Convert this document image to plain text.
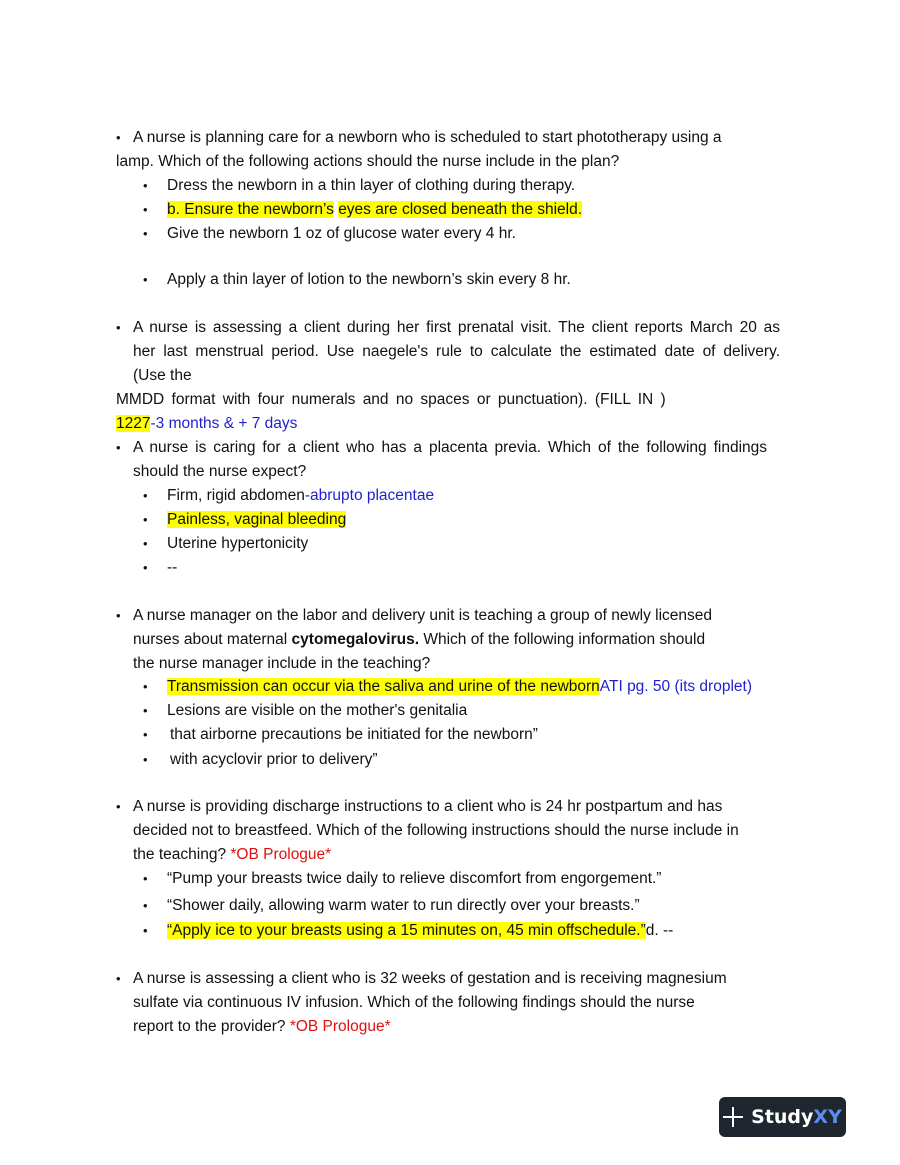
• A nurse is planning care for a newborn who is scheduled to start phototherapy using a
lamp. Which of the following actions should the nurse include in the plan?
• Dress the newborn in a thin layer of clothing during therapy.
• b. Ensure the newborn’s eyes are closed beneath the shield.
• Give the newborn 1 oz of glucose water every 4 hr.
• Apply a thin layer of lotion to the newborn’s skin every 8 hr.
• A nurse is assessing a client during her first prenatal visit. The client reports March 20 as
her last menstrual period. Use naegele's rule to calculate the estimated date of delivery.
(Use the
MMDD format with four numerals and no spaces or punctuation). (FILL IN )
1227-3 months & + 7 days
• A nurse is caring for a client who has a placenta previa. Which of the following findings
should the nurse expect?
• Firm, rigid abdomen-abrupto placentae
• Painless, vaginal bleeding
• Uterine hypertonicity
• --
• A nurse manager on the labor and delivery unit is teaching a group of newly licensed
nurses about maternal cytomegalovirus. Which of the following information should
the nurse manager include in the teaching?
• Transmission can occur via the saliva and urine of the newbornATI pg. 50 (its droplet)
• Lesions are visible on the mother's genitalia
• that airborne precautions be initiated for the newborn”
• with acyclovir prior to delivery”
• A nurse is providing discharge instructions to a client who is 24 hr postpartum and has
decided not to breastfeed. Which of the following instructions should the nurse include in
the teaching? *OB Prologue*
• “Pump your breasts twice daily to relieve discomfort from engorgement.”
• “Shower daily, allowing warm water to run directly over your breasts.”
• “Apply ice to your breasts using a 15 minutes on, 45 min offschedule.”d. --
• A nurse is assessing a client who is 32 weeks of gestation and is receiving magnesium
sulfate via continuous IV infusion. Which of the following findings should the nurse
report to the provider? *OB Prologue*
StudyXY
